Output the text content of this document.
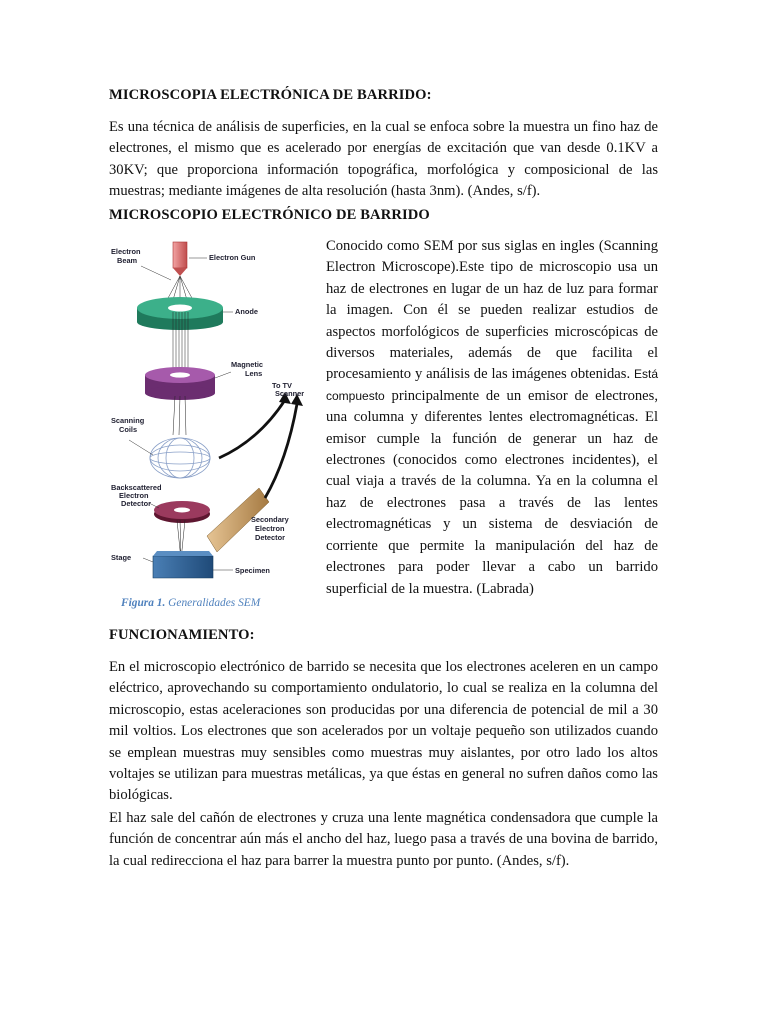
MICROSCOPIA ELECTRÓNICA DE BARRIDO:

Es una técnica de análisis de superficies, en la cual se enfoca sobre la muestra un fino haz de electrones, el mismo que es acelerado por energías de excitación que van desde 0.1KV a 30KV; que proporciona información topográfica, morfológica y composicional de las muestras; mediante imágenes de alta resolución (hasta 3nm). (Andes, s/f).

MICROSCOPIO ELECTRÓNICO DE BARRIDO
Electron
Beam	Electron Gun
Anode
Magnetic
Lens
To TV
Scanner
Scanning
Coils
Backscattered
Electron
Detector
Secondary
Electron
Detector
Stage
Specimen
Figura 1. Generalidades SEM

Conocido como SEM por sus siglas en ingles (Scanning Electron Microscope).Este tipo de microscopio usa un haz de electrones en lugar de un haz de luz para formar la imagen. Con él se pueden realizar estudios de aspectos morfológicos de superficies microscópicas de diversos materiales, además de que facilita el procesamiento y análisis de las imágenes obtenidas. Está compuesto principalmente de un emisor de electrones, una columna y diferentes lentes electromagnéticas. El emisor cumple la función de generar un haz de electrones (conocidos como electrones incidentes), el cual viaja a través de la columna. Ya en la columna el haz de electrones pasa a través de las lentes electromagnéticas y un sistema de desviación de corriente que permite la manipulación del haz de electrones para poder llevar a cabo un barrido superficial de la muestra. (Labrada)

FUNCIONAMIENTO:

En el microscopio electrónico de barrido se necesita que los electrones aceleren en un campo eléctrico, aprovechando su comportamiento ondulatorio, lo cual se realiza en la columna del microscopio, estas aceleraciones son producidas por una diferencia de potencial de mil a 30 mil voltios. Los electrones que son acelerados por un voltaje pequeño son utilizados cuando se emplean muestras muy sensibles como muestras muy aislantes, por otro lado los altos voltajes se utilizan para muestras metálicas, ya que éstas en general no sufren daños como las biológicas.

El haz sale del cañón de electrones y cruza una lente magnética condensadora que cumple la función de concentrar aún más el ancho del haz, luego pasa a través de una bovina de barrido, la cual redirecciona el haz para barrer la muestra punto por punto. (Andes, s/f).
